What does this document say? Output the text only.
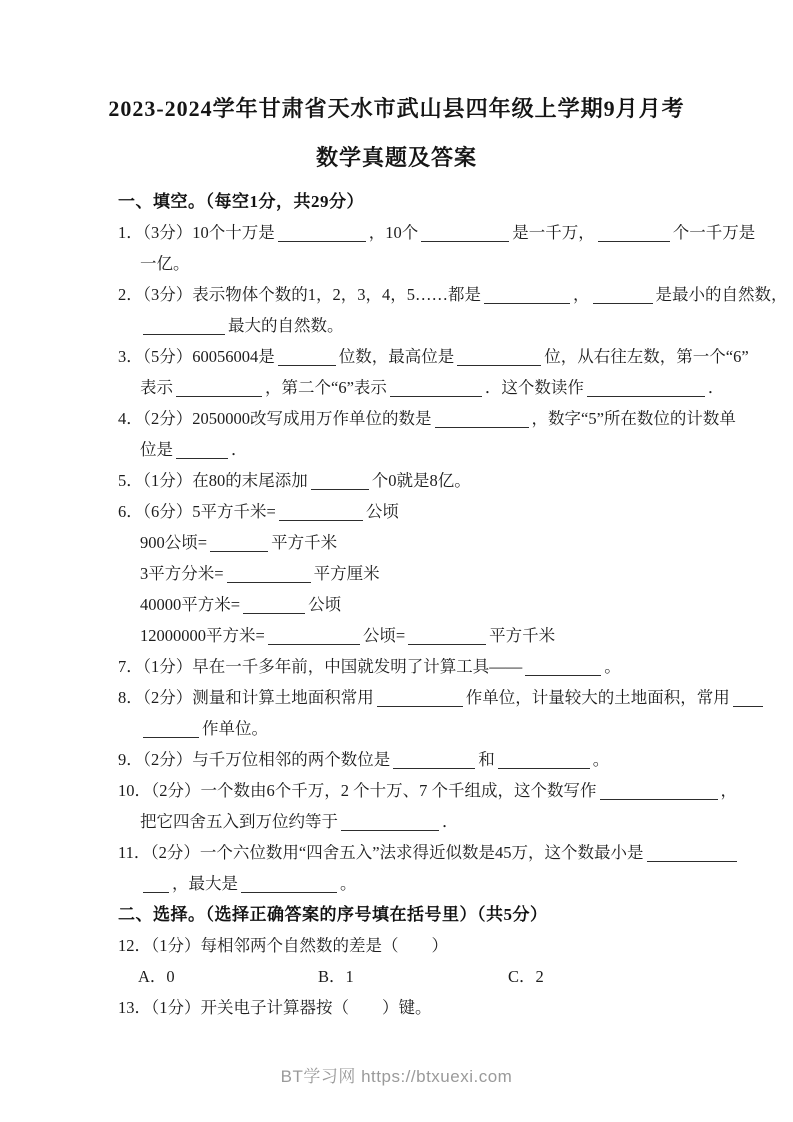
2023-2024学年甘肃省天水市武山县四年级上学期9月月考
数学真题及答案
一、填空。（每空1分，共29分）
1．（3分）10个十万是	，10个	是一千万，	个一千万是
一亿。
2．（3分）表示物体个数的1，2，3，4，5……都是	，	是最小的自然数，
最大的自然数。
3．（5分）60056004是	位数，最高位是	位，从右往左数，第一个“6”
表示	，第二个“6”表示	．这个数读作	．
4．（2分）2050000改写成用万作单位的数是	，数字“5”所在数位的计数单
位是	．
5．（1分）在80的末尾添加	个0就是8亿。
6．（6分）5平方千米=	公顷
900公顷=	平方千米
3平方分米=	平方厘米
40000平方米=	公顷
12000000平方米=	公顷=	平方千米
7．（1分）早在一千多年前，中国就发明了计算工具——	。
8．（2分）测量和计算土地面积常用	作单位，计量较大的土地面积，常用
作单位。
9．（2分）与千万位相邻的两个数位是	和	。
10．（2分）一个数由6个千万，2 个十万、7 个千组成，这个数写作	，
把它四舍五入到万位约等于	．
11．（2分）一个六位数用“四舍五入”法求得近似数是45万，这个数最小是
，最大是	。
二、选择。（选择正确答案的序号填在括号里）（共5分）
12．（1分）每相邻两个自然数的差是（　　）
A．0	B．1	C．2
13．（1分）开关电子计算器按（　　）键。
BT学习网 https://btxuexi.com
